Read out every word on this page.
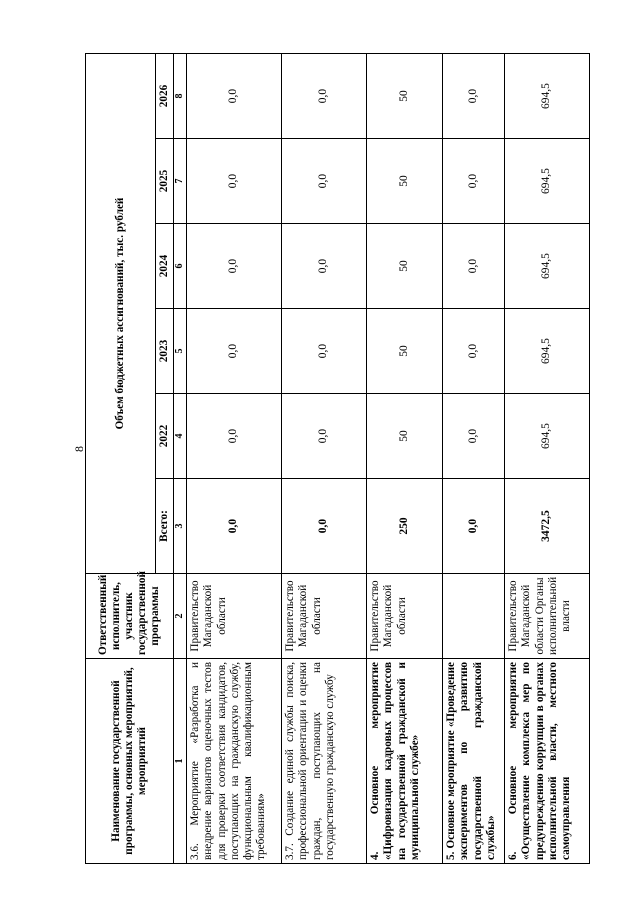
8
Наименование государственной программы, основных мероприятий, мероприятий	Ответственный исполнитель, участник государственной программы	Объем бюджетных ассигнований, тыс. рублей					
		Всего:	2022	2023	2024	2025	2026
1	2	3	4	5	6	7	8
3.6. Мероприятие «Разработка и внедрение вариантов оценочных тестов для проверки соответствия кандидатов, поступающих на гражданскую службу, функциональным квалификационным требованиям»	Правительство Магаданской области	0,0	0,0	0,0	0,0	0,0	0,0
3.7. Создание единой службы поиска, профессиональной ориентации и оценки граждан, поступающих на государственную гражданскую службу	Правительство Магаданской области	0,0	0,0	0,0	0,0	0,0	0,0
4. Основное мероприятие «Цифровизация кадровых процессов на государственной гражданской и муниципальной службе»	Правительство Магаданской области	250	50	50	50	50	50
5. Основное мероприятие «Проведение экспериментов по развитию государственной гражданской службы»		0,0	0,0	0,0	0,0	0,0	0,0
6. Основное мероприятие «Осуществление комплекса мер по предупреждению коррупции в органах исполнительной власти, местного самоуправления	Правительство Магаданской области Органы исполнительной власти	3472,5	694,5	694,5	694,5	694,5	694,5
